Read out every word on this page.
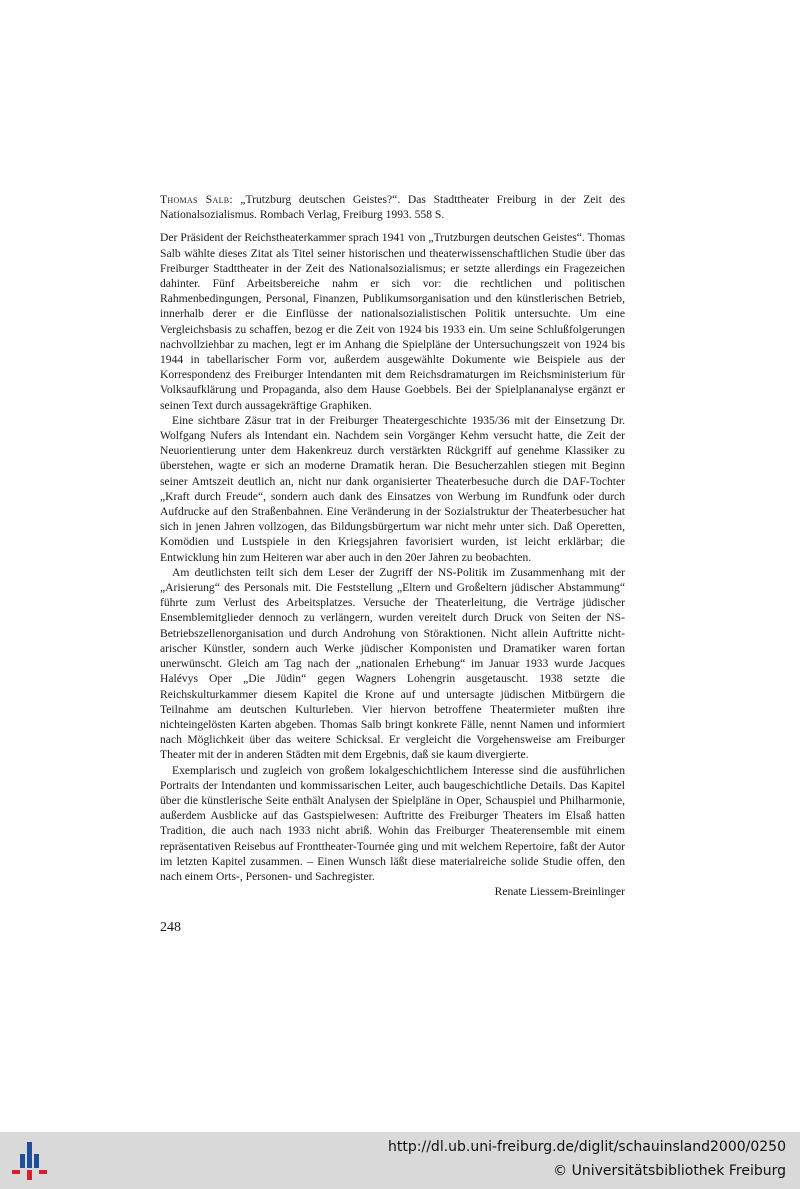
Thomas Salb: „Trutzburg deutschen Geistes?“. Das Stadttheater Freiburg in der Zeit des Nationalsozialismus. Rombach Verlag, Freiburg 1993. 558 S.

Der Präsident der Reichstheaterkammer sprach 1941 von „Trutzburgen deutschen Geistes“. Thomas Salb wählte dieses Zitat als Titel seiner historischen und theaterwissenschaftlichen Studie über das Freiburger Stadttheater in der Zeit des Nationalsozialismus; er setzte allerdings ein Fragezeichen dahinter. Fünf Arbeitsbereiche nahm er sich vor: die rechtlichen und politischen Rahmenbedingungen, Personal, Finanzen, Publikumsorganisation und den künstlerischen Betrieb, innerhalb derer er die Einflüsse der nationalsozialistischen Politik untersuchte. Um eine Vergleichsbasis zu schaffen, bezog er die Zeit von 1924 bis 1933 ein. Um seine Schlußfolgerungen nachvollziehbar zu machen, legt er im Anhang die Spielpläne der Untersuchungszeit von 1924 bis 1944 in tabellarischer Form vor, außerdem ausgewählte Dokumente wie Beispiele aus der Korrespondenz des Freiburger Intendanten mit dem Reichsdramaturgen im Reichsministerium für Volksaufklärung und Propaganda, also dem Hause Goebbels. Bei der Spielplananalyse ergänzt er seinen Text durch aussagekräftige Graphiken.

Eine sichtbare Zäsur trat in der Freiburger Theatergeschichte 1935/36 mit der Einsetzung Dr. Wolfgang Nufers als Intendant ein. Nachdem sein Vorgänger Kehm versucht hatte, die Zeit der Neuorientierung unter dem Hakenkreuz durch verstärkten Rückgriff auf genehme Klassiker zu überstehen, wagte er sich an moderne Dramatik heran. Die Besucherzahlen stiegen mit Beginn seiner Amtszeit deutlich an, nicht nur dank organisierter Theaterbesuche durch die DAF-Tochter „Kraft durch Freude“, sondern auch dank des Einsatzes von Werbung im Rundfunk oder durch Aufdrucke auf den Straßenbahnen. Eine Veränderung in der Sozialstruktur der Theaterbesucher hat sich in jenen Jahren vollzogen, das Bildungsbürgertum war nicht mehr unter sich. Daß Operetten, Komödien und Lustspiele in den Kriegsjahren favorisiert wurden, ist leicht erklärbar; die Entwicklung hin zum Heiteren war aber auch in den 20er Jahren zu beobachten.

Am deutlichsten teilt sich dem Leser der Zugriff der NS-Politik im Zusammenhang mit der „Arisierung“ des Personals mit. Die Feststellung „Eltern und Großeltern jüdischer Abstammung“ führte zum Verlust des Arbeitsplatzes. Versuche der Theaterleitung, die Verträge jüdischer Ensemblemitglieder dennoch zu verlängern, wurden vereitelt durch Druck von Seiten der NS-Betriebszellenorganisation und durch Androhung von Störaktionen. Nicht allein Auftritte nicht-arischer Künstler, sondern auch Werke jüdischer Komponisten und Dramatiker waren fortan unerwünscht. Gleich am Tag nach der „nationalen Erhebung“ im Januar 1933 wurde Jacques Halévys Oper „Die Jüdin“ gegen Wagners Lohengrin ausgetauscht. 1938 setzte die Reichskulturkammer diesem Kapitel die Krone auf und untersagte jüdischen Mitbürgern die Teilnahme am deutschen Kulturleben. Vier hiervon betroffene Theatermieter mußten ihre nichteingelösten Karten abgeben. Thomas Salb bringt konkrete Fälle, nennt Namen und informiert nach Möglichkeit über das weitere Schicksal. Er vergleicht die Vorgehensweise am Freiburger Theater mit der in anderen Städten mit dem Ergebnis, daß sie kaum divergierte.

Exemplarisch und zugleich von großem lokalgeschichtlichem Interesse sind die ausführlichen Portraits der Intendanten und kommissarischen Leiter, auch baugeschichtliche Details. Das Kapitel über die künstlerische Seite enthält Analysen der Spielpläne in Oper, Schauspiel und Philharmonie, außerdem Ausblicke auf das Gastspielwesen: Auftritte des Freiburger Theaters im Elsaß hatten Tradition, die auch nach 1933 nicht abriß. Wohin das Freiburger Theaterensemble mit einem repräsentativen Reisebus auf Fronttheater-Tournée ging und mit welchem Repertoire, faßt der Autor im letzten Kapitel zusammen. – Einen Wunsch läßt diese materialreiche solide Studie offen, den nach einem Orts-, Personen- und Sachregister.

Renate Liessem-Breinlinger

248
http://dl.ub.uni-freiburg.de/diglit/schauinsland2000/0250
© Universitätsbibliothek Freiburg
